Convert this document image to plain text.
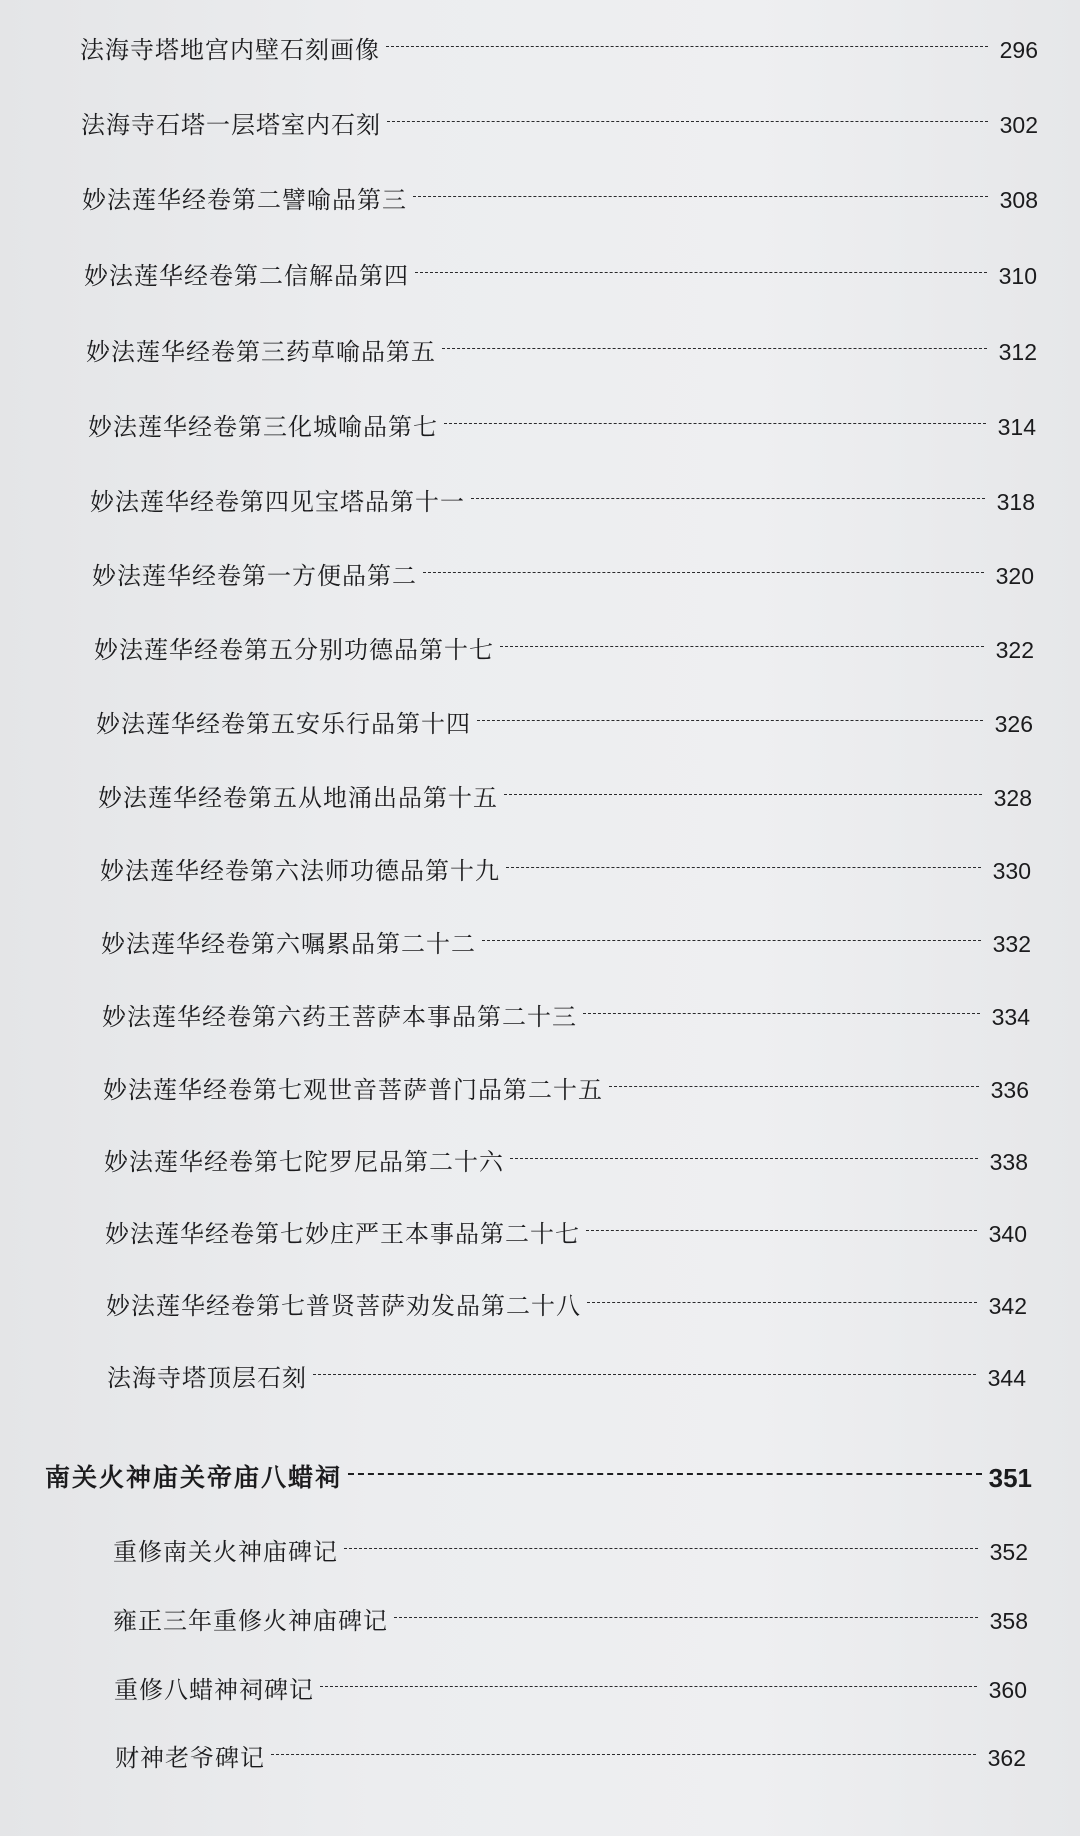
法海寺塔地宫内壁石刻画像	296
法海寺石塔一层塔室内石刻	302
妙法莲华经卷第二譬喻品第三	308
妙法莲华经卷第二信解品第四	310
妙法莲华经卷第三药草喻品第五	312
妙法莲华经卷第三化城喻品第七	314
妙法莲华经卷第四见宝塔品第十一	318
妙法莲华经卷第一方便品第二	320
妙法莲华经卷第五分别功德品第十七	322
妙法莲华经卷第五安乐行品第十四	326
妙法莲华经卷第五从地涌出品第十五	328
妙法莲华经卷第六法师功德品第十九	330
妙法莲华经卷第六嘱累品第二十二	332
妙法莲华经卷第六药王菩萨本事品第二十三	334
妙法莲华经卷第七观世音菩萨普门品第二十五	336
妙法莲华经卷第七陀罗尼品第二十六	338
妙法莲华经卷第七妙庄严王本事品第二十七	340
妙法莲华经卷第七普贤菩萨劝发品第二十八	342
法海寺塔顶层石刻	344
南关火神庙关帝庙八蜡祠	351
重修南关火神庙碑记	352
雍正三年重修火神庙碑记	358
重修八蜡神祠碑记	360
财神老爷碑记	362
